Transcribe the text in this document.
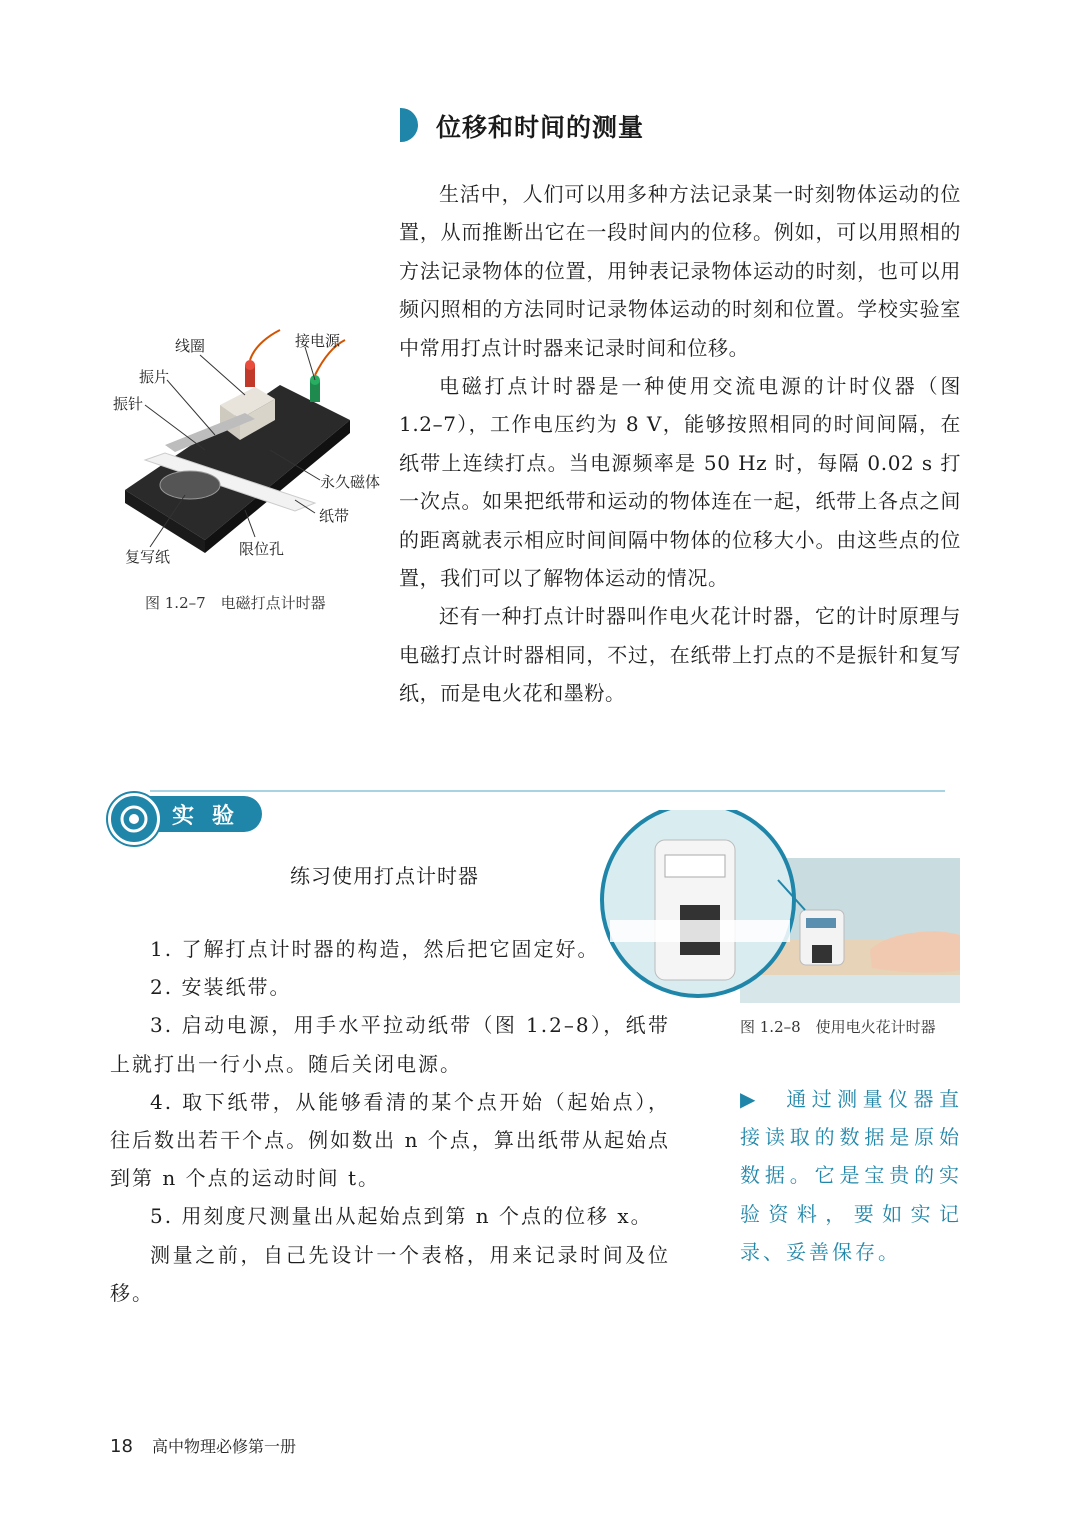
位移和时间的测量

生活中，人们可以用多种方法记录某一时刻物体运动的位置，从而推断出它在一段时间内的位移。例如，可以用照相的方法记录物体的位置，用钟表记录物体运动的时刻，也可以用频闪照相的方法同时记录物体运动的时刻和位置。学校实验室中常用打点计时器来记录时间和位移。

电磁打点计时器是一种使用交流电源的计时仪器（图 1.2–7），工作电压约为 8 V，能够按照相同的时间间隔，在纸带上连续打点。当电源频率是 50 Hz 时，每隔 0.02 s 打一次点。如果把纸带和运动的物体连在一起，纸带上各点之间的距离就表示相应时间间隔中物体的位移大小。由这些点的位置，我们可以了解物体运动的情况。

还有一种打点计时器叫作电火花计时器，它的计时原理与电磁打点计时器相同，不过，在纸带上打点的不是振针和复写纸，而是电火花和墨粉。

线圈	接电源
振片
振针
永久磁体
纸带
限位孔
复写纸
图 1.2–7　电磁打点计时器
实验
练习使用打点计时器

1. 了解打点计时器的构造，然后把它固定好。

2. 安装纸带。

3. 启动电源，用手水平拉动纸带（图 1.2–8），纸带上就打出一行小点。随后关闭电源。

4. 取下纸带，从能够看清的某个点开始（起始点），往后数出若干个点。例如数出 n 个点，算出纸带从起始点到第 n 个点的运动时间 t。

5. 用刻度尺测量出从起始点到第 n 个点的位移 x。

测量之前，自己先设计一个表格，用来记录时间及位移。

图 1.2–8　使用电火花计时器
▶　通过测量仪器直接读取的数据是原始数据。它是宝贵的实验资料，要如实记录、妥善保存。
18 高中物理必修第一册
